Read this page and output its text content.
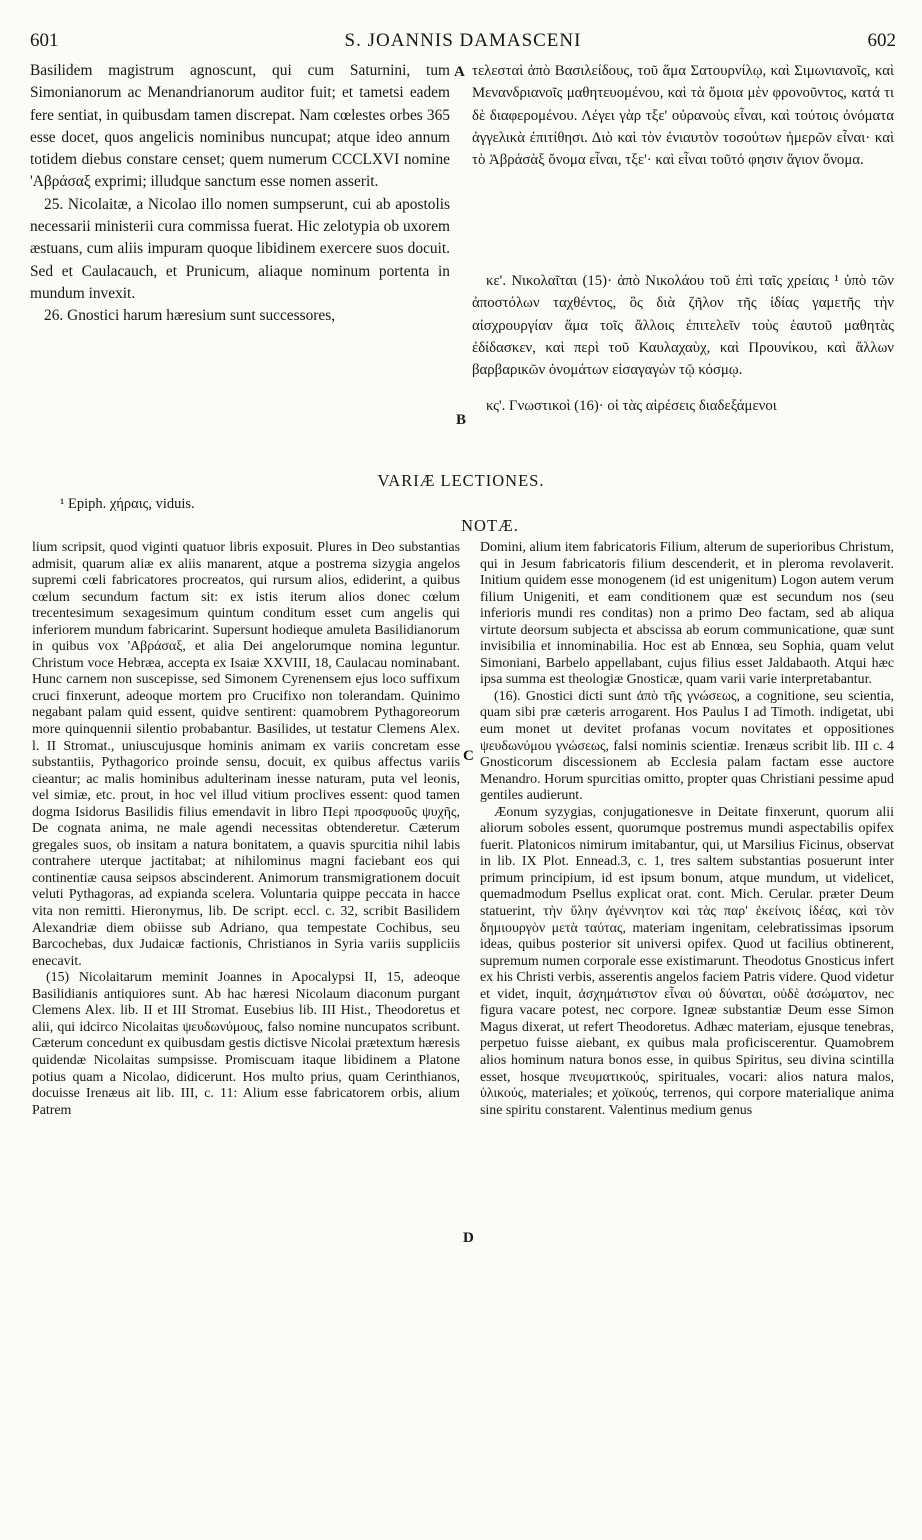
601	S. JOANNIS DAMASCENI	602

Basilidem magistrum agnoscunt, qui cum Saturnini, tum Simonianorum ac Menandrianorum auditor fuit; et tametsi eadem fere sentiat, in quibusdam tamen discrepat. Nam cœlestes orbes 365 esse docet, quos angelicis nominibus nuncupat; atque ideo annum totidem diebus constare censet; quem numerum CCCLXVI nomine 'Αβράσαξ exprimi; illudque sanctum esse nomen asserit.

25. Nicolaitæ, a Nicolao illo nomen sumpserunt, cui ab apostolis necessarii ministerii cura commissa fuerat. Hic zelotypia ob uxorem æstuans, cum aliis impuram quoque libidinem exercere suos docuit. Sed et Caulacauch, et Prunicum, aliaque nominum portenta in mundum invexit.

26. Gnostici harum hæresium sunt successores,

A
B

τελεσταὶ ἀπὸ Βασιλείδους, τοῦ ἅμα Σατουρνίλῳ, καὶ Σιμωνιανοῖς, καὶ Μενανδριανοῖς μαθητευομένου, καὶ τὰ ὅμοια μὲν φρονοῦντος, κατά τι δὲ διαφερομένου. Λέγει γὰρ τξε' οὐρανοὺς εἶναι, καὶ τούτοις ὀνόματα ἀγγελικὰ ἐπιτίθησι. Διὸ καὶ τὸν ἐνιαυτὸν τοσούτων ἡμερῶν εἶναι· καὶ τὸ Ἀβράσὰξ ὄνομα εἶναι, τξε'· καὶ εἶναι τοῦτό φησιν ἅγιον ὄνομα.

κε'. Νικολαῖται (15)· ἀπὸ Νικολάου τοῦ ἐπὶ ταῖς χρείαις ¹ ὑπὸ τῶν ἀποστόλων ταχθέντος, ὃς διὰ ζῆλον τῆς ἰδίας γαμετῆς τὴν αἰσχρουργίαν ἅμα τοῖς ἄλλοις ἐπιτελεῖν τοὺς ἑαυτοῦ μαθητὰς ἐδίδασκεν, καὶ περὶ τοῦ Καυλαχαὺχ, καὶ Προυνίκου, καὶ ἄλλων βαρβαρικῶν ὀνομάτων εἰσαγαγὼν τῷ κόσμῳ.

κς'. Γνωστικοὶ (16)· οἱ τὰς αἱρέσεις διαδεξάμενοι

VARIÆ LECTIONES.
¹ Epiph. χήραις, viduis.
NOTÆ.

lium scripsit, quod viginti quatuor libris exposuit. Plures in Deo substantias admisit, quarum aliæ ex aliis manarent, atque a postrema sizygia angelos supremi cœli fabricatores procreatos, qui rursum alios, ediderint, a quibus cœlum secundum factum sit: ex istis iterum alios donec cœlum trecentesimum sexagesimum quintum conditum esset cum angelis qui inferiorem mundum fabricarint. Supersunt hodieque amuleta Basilidianorum in quibus vox 'Αβράσαξ, et alia Dei angelorumque nomina leguntur. Christum voce Hebræa, accepta ex Isaiæ XXVIII, 18, Caulacau nominabant. Hunc carnem non suscepisse, sed Simonem Cyrenensem ejus loco suffixum cruci finxerunt, adeoque mortem pro Crucifixo non tolerandam. Quinimo negabant palam quid essent, quidve sentirent: quamobrem Pythagoreorum more quinquennii silentio probabantur. Basilides, ut testatur Clemens Alex. l. II Stromat., uniuscujusque hominis animam ex variis concretam esse substantiis, Pythagorico proinde sensu, docuit, ex quibus affectus variis cieantur; ac malis hominibus adulterinam inesse naturam, puta vel leonis, vel simiæ, etc. prout, in hoc vel illud vitium proclives essent: quod tamen dogma Isidorus Basilidis filius emendavit in libro Περὶ προσφυοῦς ψυχῆς, De cognata anima, ne male agendi necessitas obtenderetur. Cæterum gregales suos, ob insitam a natura bonitatem, a quavis spurcitia nihil labis contrahere uterque jactitabat; at nihilominus magni faciebant eos qui continentiæ causa seipsos abscinderent. Animorum transmigrationem docuit veluti Pythagoras, ad expianda scelera. Voluntaria quippe peccata in hacce vita non remitti. Hieronymus, lib. De script. eccl. c. 32, scribit Basilidem Alexandriæ diem obiisse sub Adriano, qua tempestate Cochibus, seu Barcochebas, dux Judaicæ factionis, Christianos in Syria variis suppliciis enecavit.

(15) Nicolaitarum meminit Joannes in Apocalypsi II, 15, adeoque Basilidianis antiquiores sunt. Ab hac hæresi Nicolaum diaconum purgant Clemens Alex. lib. II et III Stromat. Eusebius lib. III Hist., Theodoretus et alii, qui idcirco Nicolaitas ψευδωνύμους, falso nomine nuncupatos scribunt. Cæterum concedunt ex quibusdam gestis dictisve Nicolai prætextum hæresis quidendæ Nicolaitas sumpsisse. Promiscuam itaque libidinem a Platone potius quam a Nicolao, didicerunt. Hos multo prius, quam Cerinthianos, docuisse Irenæus ait lib. III, c. 11: Alium esse fabricatorem orbis, alium Patrem

C
D

Domini, alium item fabricatoris Filium, alterum de superioribus Christum, qui in Jesum fabricatoris filium descenderit, et in pleroma revolaverit. Initium quidem esse monogenem (id est unigenitum) Logon autem verum filium Unigeniti, et eam conditionem quæ est secundum nos (seu inferioris mundi res conditas) non a primo Deo factam, sed ab aliqua virtute deorsum subjecta et abscissa ab eorum communicatione, quæ sunt invisibilia et innominabilia. Hoc est ab Ennœa, seu Sophia, quam velut Simoniani, Barbelo appellabant, cujus filius esset Jaldabaoth. Atqui hæc ipsa summa est theologiæ Gnosticæ, quam varii varie interpretabantur.

(16). Gnostici dicti sunt ἀπὸ τῆς γνώσεως, a cognitione, seu scientia, quam sibi præ cæteris arrogarent. Hos Paulus I ad Timoth. indigetat, ubi eum monet ut devitet profanas vocum novitates et oppositiones ψευδωνύμου γνώσεως, falsi nominis scientiæ. Irenæus scribit lib. III c. 4 Gnosticorum discessionem ab Ecclesia palam factam esse auctore Menandro. Horum spurcitias omitto, propter quas Christiani pessime apud gentiles audierunt.

Æonum syzygias, conjugationesve in Deitate finxerunt, quorum alii aliorum soboles essent, quorumque postremus mundi aspectabilis opifex fuerit. Platonicos nimirum imitabantur, qui, ut Marsilius Ficinus, observat in lib. IX Plot. Ennead.3, c. 1, tres saltem substantias posuerunt inter primum principium, id est ipsum bonum, atque mundum, ut videlicet, quemadmodum Psellus explicat orat. cont. Mich. Cerular. præter Deum statuerint, τὴν ὕλην ἀγέννητον καὶ τὰς παρ' ἐκείνοις ἰδέας, καὶ τὸν δημιουργὸν μετὰ ταύτας, materiam ingenitam, celebratissimas ipsorum ideas, quibus posterior sit universi opifex. Quod ut facilius obtinerent, supremum numen corporale esse existimarunt. Theodotus Gnosticus infert ex his Christi verbis, asserentis angelos faciem Patris videre. Quod videtur et videt, inquit, ἀσχημάτιστον εἶναι οὐ δύναται, οὐδὲ ἀσώματον, nec figura vacare potest, nec corpore. Igneæ substantiæ Deum esse Simon Magus dixerat, ut refert Theodoretus. Adhæc materiam, ejusque tenebras, perpetuo fuisse aiebant, ex quibus mala proficiscerentur. Quamobrem alios hominum natura bonos esse, in quibus Spiritus, seu divina scintilla esset, hosque πνευματικούς, spirituales, vocari: alios natura malos, ὑλικούς, materiales; et χοϊκούς, terrenos, qui corpore materialique anima sine spiritu constarent. Valentinus medium genus
